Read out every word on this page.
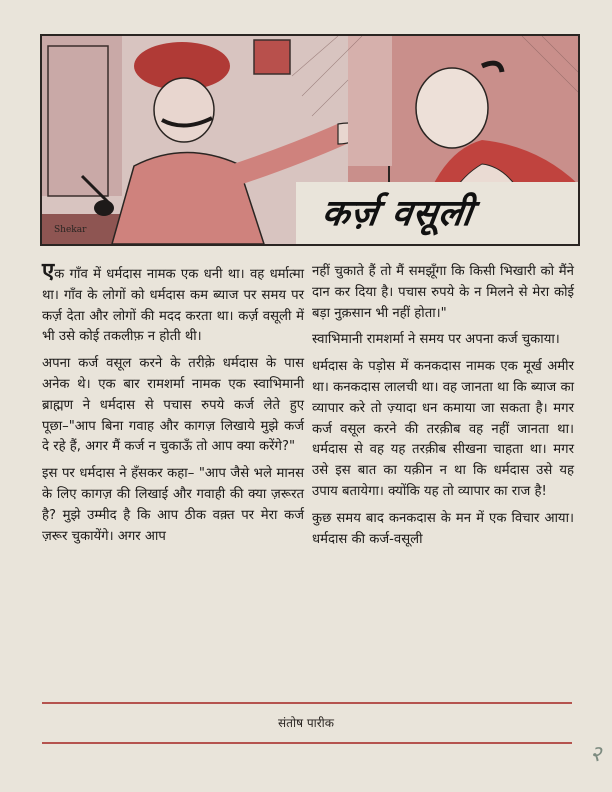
Shekar	कर्ज़ वसूली

एक गाँव में धर्मदास नामक एक धनी था। वह धर्मात्मा था। गाँव के लोगों को धर्मदास कम ब्याज पर समय पर कर्ज़ देता और लोगों की मदद करता था। कर्ज़ वसूली में भी उसे कोई तकलीफ़ न होती थी।

अपना कर्ज वसूल करने के तरीक़े धर्मदास के पास अनेक थे। एक बार रामशर्मा नामक एक स्वाभिमानी ब्राह्मण ने धर्मदास से पचास रुपये कर्ज लेते हुए पूछा–"आप बिना गवाह और कागज़ लिखाये मुझे कर्ज दे रहे हैं, अगर मैं कर्ज न चुकाऊँ तो आप क्या करेंगे?"

इस पर धर्मदास ने हँसकर कहा– "आप जैसे भले मानस के लिए कागज़ की लिखाई और गवाही की क्या ज़रूरत है? मुझे उम्मीद है कि आप ठीक वक़्त पर मेरा कर्ज ज़रूर चुकायेंगे। अगर आप

नहीं चुकाते हैं तो मैं समझूँगा कि किसी भिखारी को मैंने दान कर दिया है। पचास रुपये के न मिलने से मेरा कोई बड़ा नुक़सान भी नहीं होता।"

स्वाभिमानी रामशर्मा ने समय पर अपना कर्ज चुकाया।

धर्मदास के पड़ोस में कनकदास नामक एक मूर्ख अमीर था। कनकदास लालची था। वह जानता था कि ब्याज का व्यापार करे तो ज़्यादा धन कमाया जा सकता है। मगर कर्ज वसूल करने की तरक़ीब वह नहीं जानता था। धर्मदास से वह यह तरक़ीब सीखना चाहता था। मगर उसे इस बात का यक़ीन न था कि धर्मदास उसे यह उपाय बतायेगा। क्योंकि यह तो व्यापार का राज है!

कुछ समय बाद कनकदास के मन में एक विचार आया। धर्मदास की कर्ज-वसूली

संतोष पारीक
२
